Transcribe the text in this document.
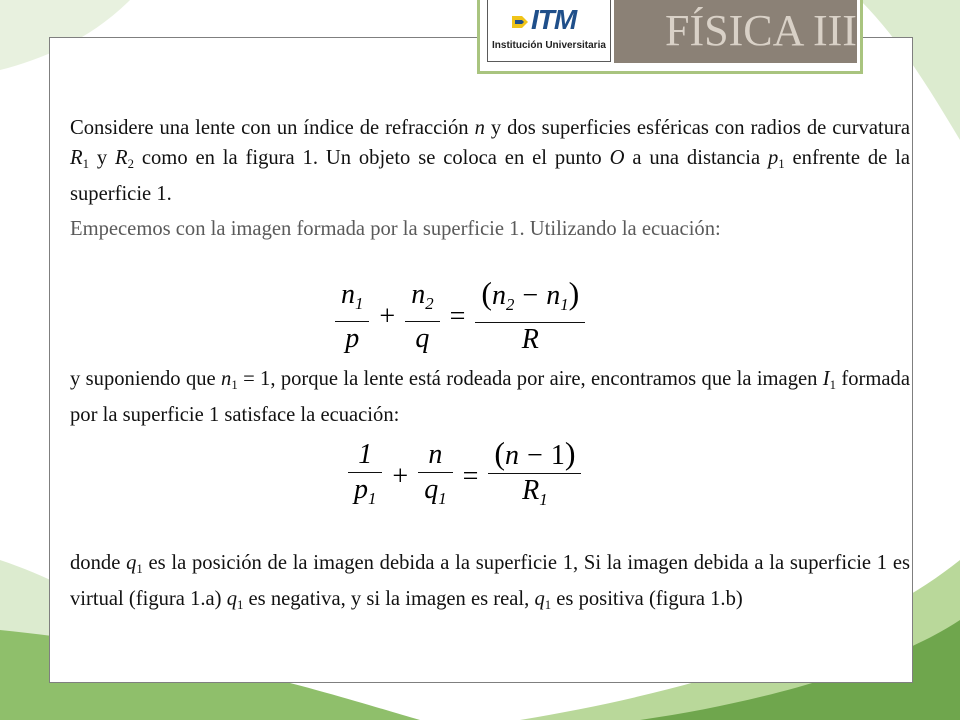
ITM
Institución Universitaria FÍSICA III

Considere una lente con un índice de refracción n y dos superficies esféricas con radios de curvatura $R_1$ y $R_2$ como en la figura 1. Un objeto se coloca en el punto O a una distancia $p_1$ enfrente de la superficie 1.

Empecemos con la imagen formada por la superficie 1. Utilizando la ecuación:

$\frac{n_1}{p} + \frac{n_2}{q} = \frac{(n_2 - n_1)}{R}$

y suponiendo que $n_1 = 1$, porque la lente está rodeada por aire, encontramos que la imagen $I_1$ formada por la superficie 1 satisface la ecuación:

$\frac{1}{p_1} + \frac{n}{q_1} = \frac{(n - 1)}{R_1}$

donde $q_1$ es la posición de la imagen debida a la superficie 1, Si la imagen debida a la superficie 1 es virtual (figura 1.a) $q_1$ es negativa, y si la imagen es real, $q_1$ es positiva (figura 1.b)
